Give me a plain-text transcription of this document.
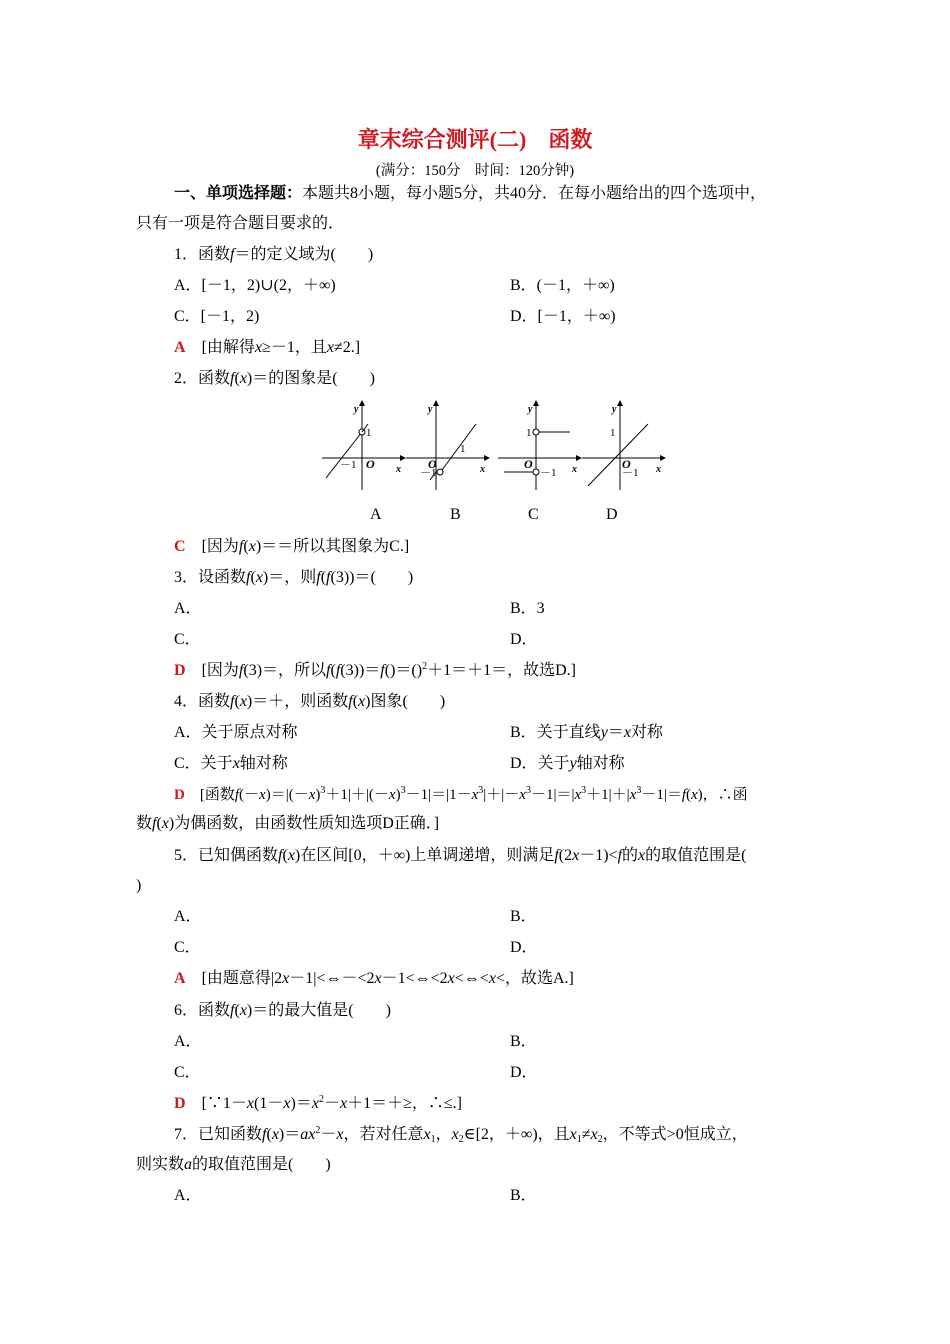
章末综合测评(二)　函数
(满分：150分　时间：120分钟)
一、单项选择题：本题共8小题，每小题5分，共40分．在每小题给出的四个选项中，
只有一项是符合题目要求的．
1．函数f＝的定义域为(　　)
A．[－1，2)∪(2，＋∞)	B．(－1，＋∞)
C．[－1，2)	D．[－1，＋∞)
A　 [由解得x≥－1，且x≠2.]
2．函数f(x)＝的图象是(　　)
y
x
1
－1 O
A
y
x
1
－1
O
B
y
x
1
－1
O
C
y
x
1
－1
O
D
C　 [因为f(x)＝＝所以其图象为C.]
3．设函数f(x)＝，则f(f(3))＝(　　)
A．	B．3
C．	D．
D　 [因为f(3)＝，所以f(f(3))＝f()＝()$^2$＋1＝＋1＝，故选D.]
4．函数f(x)＝＋，则函数f(x)图象(　　)
A．关于原点对称	B．关于直线y＝x对称
C．关于x轴对称	D．关于y轴对称
D　 [函数$f(-x)=|(-x)^3+1|+|(-x)^3-1|=|1-x^3|+|-x^3-1|=|x^3+1|+|x^3-1|=f(x)$，∴函
数f(x)为偶函数，由函数性质知选项D正确．]
5．已知偶函数f(x)在区间[0，＋∞)上单调递增，则满足f(2x－1)<f的x的取值范围是(
)
A．	B．
C．	D．
A　 [由题意得|2x－1|<⇔－<2x－1<⇔<2x<⇔<x<，故选A.]
6．函数f(x)＝的最大值是(　　)
A．	B．
C．	D．
D　 [$\because 1-x(1-x)=x^2-x+1=+\ge$，∴≤.]
7．已知函数$f(x)=ax^2-x$，若对任意$x_1$，$x_2\in[2$，＋∞)，且$x_1\ne x_2$，不等式>0恒成立，
则实数a的取值范围是(　　)
A．	B．
